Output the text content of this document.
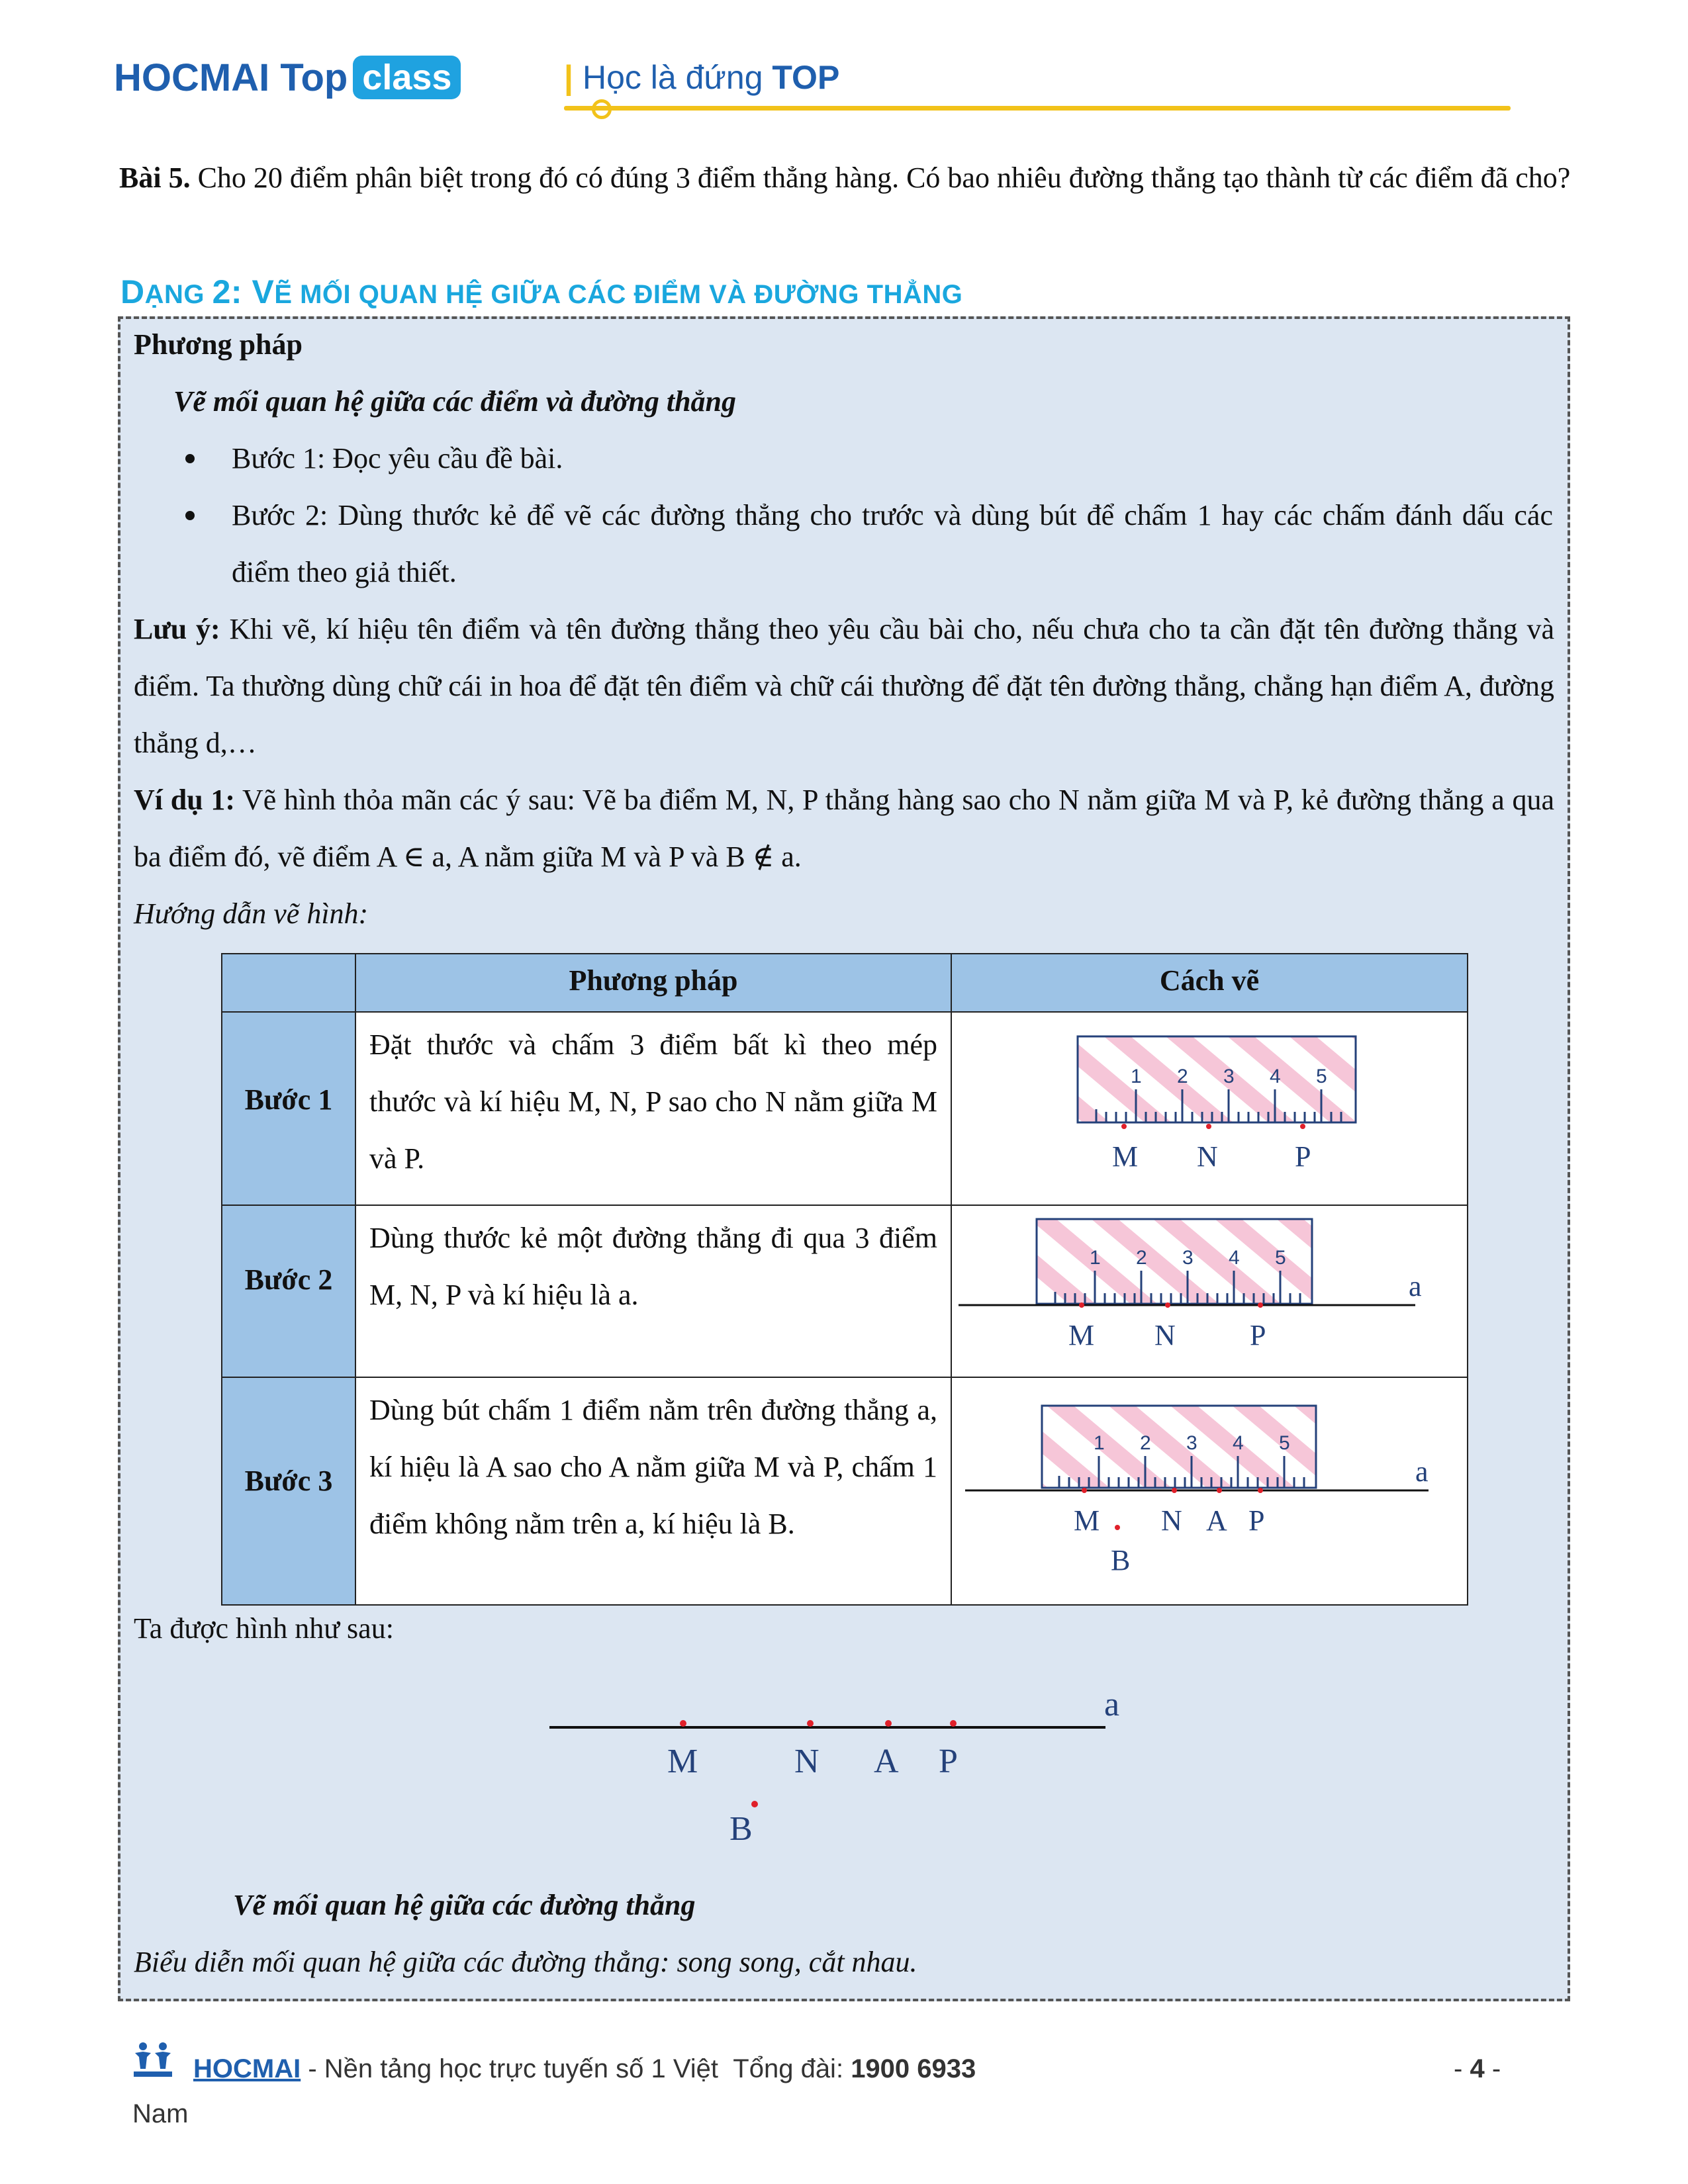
HOCMAI Top class	| Học là đứng TOP
Bài 5. Cho 20 điểm phân biệt trong đó có đúng 3 điểm thẳng hàng. Có bao nhiêu đường thẳng tạo thành từ các điểm đã cho?
DẠNG 2: VẼ MỐI QUAN HỆ GIỮA CÁC ĐIỂM VÀ ĐƯỜNG THẲNG
Phương pháp
Vẽ mối quan hệ giữa các điểm và đường thẳng
Bước 1: Đọc yêu cầu đề bài.
Bước 2: Dùng thước kẻ để vẽ các đường thẳng cho trước và dùng bút để chấm 1 hay các chấm đánh dấu các điểm theo giả thiết.
Lưu ý: Khi vẽ, kí hiệu tên điểm và tên đường thẳng theo yêu cầu bài cho, nếu chưa cho ta cần đặt tên đường thẳng và điểm. Ta thường dùng chữ cái in hoa để đặt tên điểm và chữ cái thường để đặt tên đường thẳng, chẳng hạn điểm A, đường thẳng d,…
Ví dụ 1: Vẽ hình thỏa mãn các ý sau: Vẽ ba điểm M, N, P thẳng hàng sao cho N nằm giữa M và P, kẻ đường thẳng a qua ba điểm đó, vẽ điểm A ∈ a, A nằm giữa M và P và B ∉ a.
Hướng dẫn vẽ hình:
Phương pháp	Cách vẽ
Bước 1
Đặt thước và chấm 3 điểm bất kì theo mép thước và kí hiệu M, N, P sao cho N nằm giữa M và P.
1 2 3 4 5
M N	P
Bước 2
Dùng thước kẻ một đường thẳng đi qua 3 điểm M, N, P và kí hiệu là a.
1 2 3 4 5
a
M N	P
Bước 3
Dùng bút chấm 1 điểm nằm trên đường thẳng a, kí hiệu là A sao cho A nằm giữa M và P, chấm 1 điểm không nằm trên a, kí hiệu là B.
1 2 3 4 5
a
M N A P
B
Ta được hình như sau:
a
M	N A P
B
Vẽ mối quan hệ giữa các đường thẳng
Biểu diễn mối quan hệ giữa các đường thẳng: song song, cắt nhau.
HOCMAI - Nền tảng học trực tuyến số 1 Việt Tổng đài: 1900 6933
Nam
- 4 -
